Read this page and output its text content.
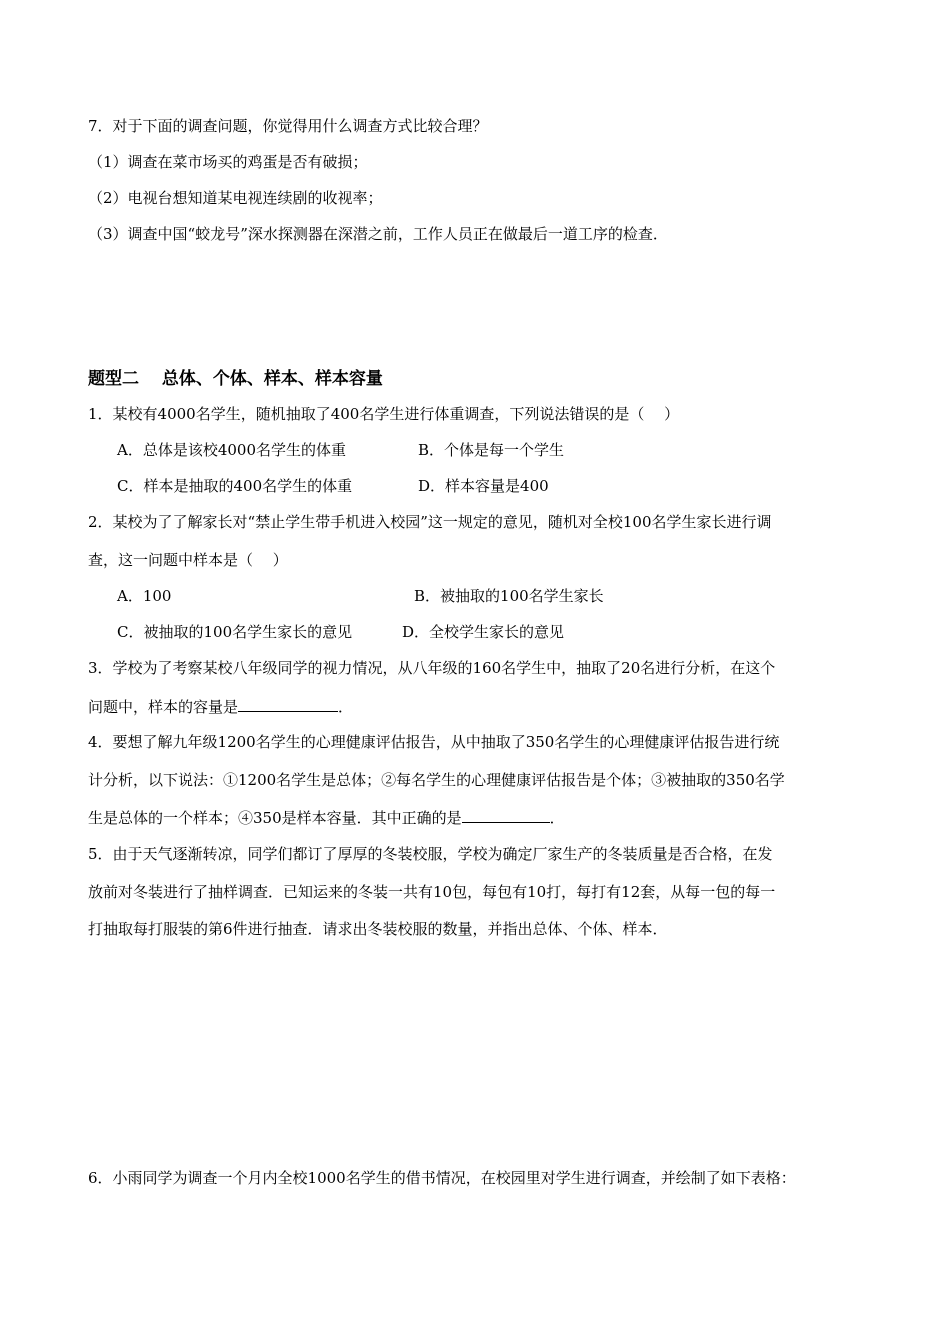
7．对于下面的调查问题，你觉得用什么调查方式比较合理？
（1）调查在菜市场买的鸡蛋是否有破损；
（2）电视台想知道某电视连续剧的收视率；
（3）调查中国“蛟龙号”深水探测器在深潜之前，工作人员正在做最后一道工序的检查．
题型二　 总体、个体、样本、样本容量
1．某校有4000名学生，随机抽取了400名学生进行体重调查，下列说法错误的是（　 ）
A．总体是该校4000名学生的体重	B．个体是每一个学生
C．样本是抽取的400名学生的体重	D．样本容量是400
2．某校为了了解家长对“禁止学生带手机进入校园”这一规定的意见，随机对全校100名学生家长进行调
查，这一问题中样本是（　 ）
A．100	B．被抽取的100名学生家长
C．被抽取的100名学生家长的意见	D．全校学生家长的意见
3．学校为了考察某校八年级同学的视力情况，从八年级的160名学生中，抽取了20名进行分析，在这个
问题中，样本的容量是	．
4．要想了解九年级1200名学生的心理健康评估报告，从中抽取了350名学生的心理健康评估报告进行统
计分析，以下说法：①1200名学生是总体；②每名学生的心理健康评估报告是个体；③被抽取的350名学
生是总体的一个样本；④350是样本容量．其中正确的是	．
5．由于天气逐渐转凉，同学们都订了厚厚的冬装校服，学校为确定厂家生产的冬装质量是否合格，在发
放前对冬装进行了抽样调查．已知运来的冬装一共有10包，每包有10打，每打有12套，从每一包的每一
打抽取每打服装的第6件进行抽查．请求出冬装校服的数量，并指出总体、个体、样本．
6．小雨同学为调查一个月内全校1000名学生的借书情况，在校园里对学生进行调查，并绘制了如下表格：
